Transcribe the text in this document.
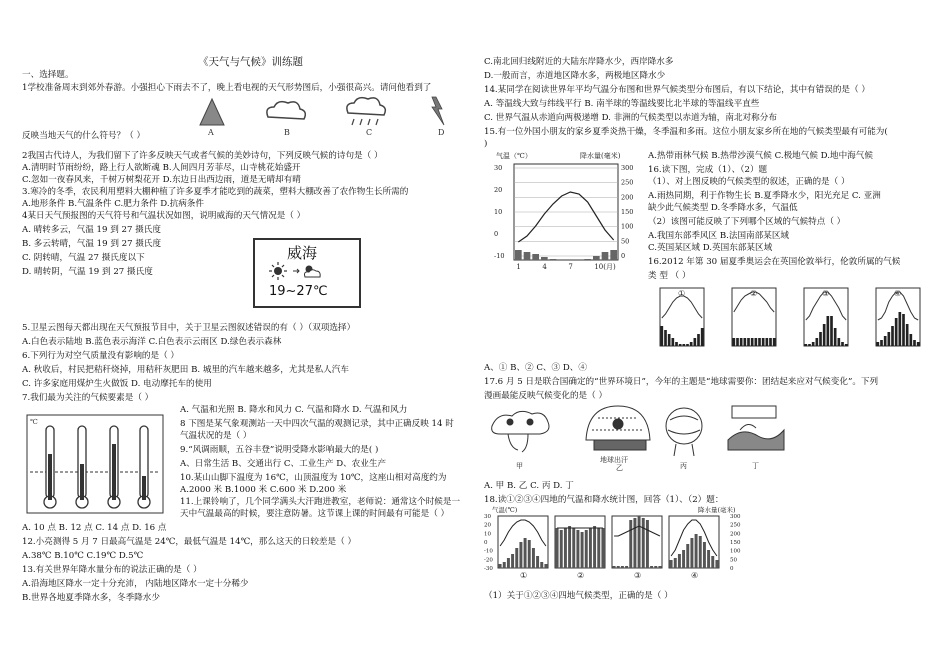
《天气与气候》训练题
一、选择题。
1学校准备周末到郊外春游。小强担心下雨去不了，晚上看电视的天气形势图后，小强很高兴。请问他看到了
A	B	C	D
反映当地天气的什么符号？（ ）
2我国古代诗人，为我们留下了许多反映天气或者气候的美妙诗句，下列反映气候的诗句是（ ）
A.清明时节雨纷纷，路上行人欲断魂 B.人间四月芳菲尽，山寺桃花始盛开
C.忽如一夜春风来，千树万树梨花开 D.东边日出西边雨，道是无晴却有晴
3.寒冷的冬季，农民利用塑料大棚种植了许多夏季才能吃到的蔬菜，塑料大棚改善了农作物生长所需的
A.地形条件 B.气温条件 C.肥力条件 D.抗病条件
4某日天气预报图的天气符号和气温状况如图，说明威海的天气情况是（ ）
A. 晴转多云，气温 19 到 27 摄氏度
B. 多云转晴，气温 19 到 27 摄氏度
C. 阴转晴，气温 27 摄氏度以下
D. 晴转阴，气温 19 到 27 摄氏度
威海
19~27℃
5.卫星云图每天都出现在天气预报节目中，关于卫星云图叙述错误的有（ ）（双项选择）
A.白色表示陆地 B.蓝色表示海洋 C.白色表示云雨区 D.绿色表示森林
6.下列行为对空气质量没有影响的是（ ）
A. 秋收后，村民把秸秆烧掉，用秸秆灰肥田 B. 城里的汽车越来越多，尤其是私人汽车
C. 许多家庭用煤炉生火做饭 D. 电动摩托车的使用
7.我们最为关注的气候要素是（ ）
A. 气温和光照 B. 降水和风力 C. 气温和降水 D. 气温和风力
℃	8 下图是某气象观测站一天中四次气温的观测记录，其中正确反映 14 时
气温状况的是（ ）
9.“风调雨顺，五谷丰登”说明受降水影响最大的是( )
A、日常生活 B、交通出行 C、工业生产 D、农业生产
10.某山山脚下温度为 16℃，山顶温度为 10℃，这座山相对高度约为
A.2000 米 B.1000 米 C.600 米 D.200 米
11.上课铃响了，几个同学满头大汗跑进教室，老师说：通常这个时候是一
天中气温最高的时候，要注意防暑。这节课上课的时间最有可能是（ ）
A. 10 点 B. 12 点 C. 14 点 D. 16 点
12.小亮测得 5 月 7 日最高气温是 24℃，最低气温是 14℃，那么这天的日较差是（ ）
A.38℃ B.10℃ C.19℃ D.5℃
13.有关世界年降水量分布的说法正确的是（ ）
A.沿海地区降水一定十分充沛， 内陆地区降水一定十分稀少
B.世界各地夏季降水多，冬季降水少
C.南北回归线附近的大陆东岸降水少，西岸降水多
D.一般而言，赤道地区降水多，两极地区降水少
14.某同学在阅读世界年平均气温分布图和世界气候类型分布图后，有以下结论，其中有错误的是（ ）
A. 等温线大致与纬线平行 B. 南半球的等温线要比北半球的等温线平直些
C. 世界气温从赤道向两极递增 D. 非洲的气候类型以赤道为轴，南北对称分布
15.有一位外国小朋友的家乡夏季炎热干燥，冬季温和多雨。这位小朋友家乡所在地的气候类型最有可能为(
)
气温（℃）	降水量(毫米)
30
20
10
0
-10
300
250
200
150
100
50
0
1	4	7	10(月)
A.热带雨林气候 B.热带沙漠气候 C.极地气候 D.地中海气候
16.读下图，完成（1）、（2）题
（1）、对上图反映的气候类型的叙述，正确的是（ ）
A.雨热同期，利于作物生长 B.夏季降水少，阳光充足 C. 亚洲
缺少此气候类型 D.冬季降水多，气温低
（2）该图可能反映了下列哪个区域的气候特点（ ）
A.我国东部季风区 B.法国南部某区域
C.英国某区域 D.英国东部某区域
16.2012 年第 30 届夏季奥运会在英国伦敦举行，伦敦所属的气候
类 型 （ ）
①	②	③	④
A、① B、② C、③ D、④
17.6 月 5 日是联合国确定的“世界环境日”，今年的主题是“地球需要你：团结起来应对气候变化”。下列
漫画最能反映气候变化的是（ ）
地球出汗
甲	乙	丙	丁
A. 甲 B. 乙 C. 丙 D. 丁
18.读①②③④四地的气温和降水统计图，回答（1）、（2）题：
气温(℃)	降水量(毫米)
30
20
10
0
-10
-20
-30
300
250
200
150
100
50
0
①	②	③	④
（1）关于①②③④四地气候类型，正确的是（ ）
